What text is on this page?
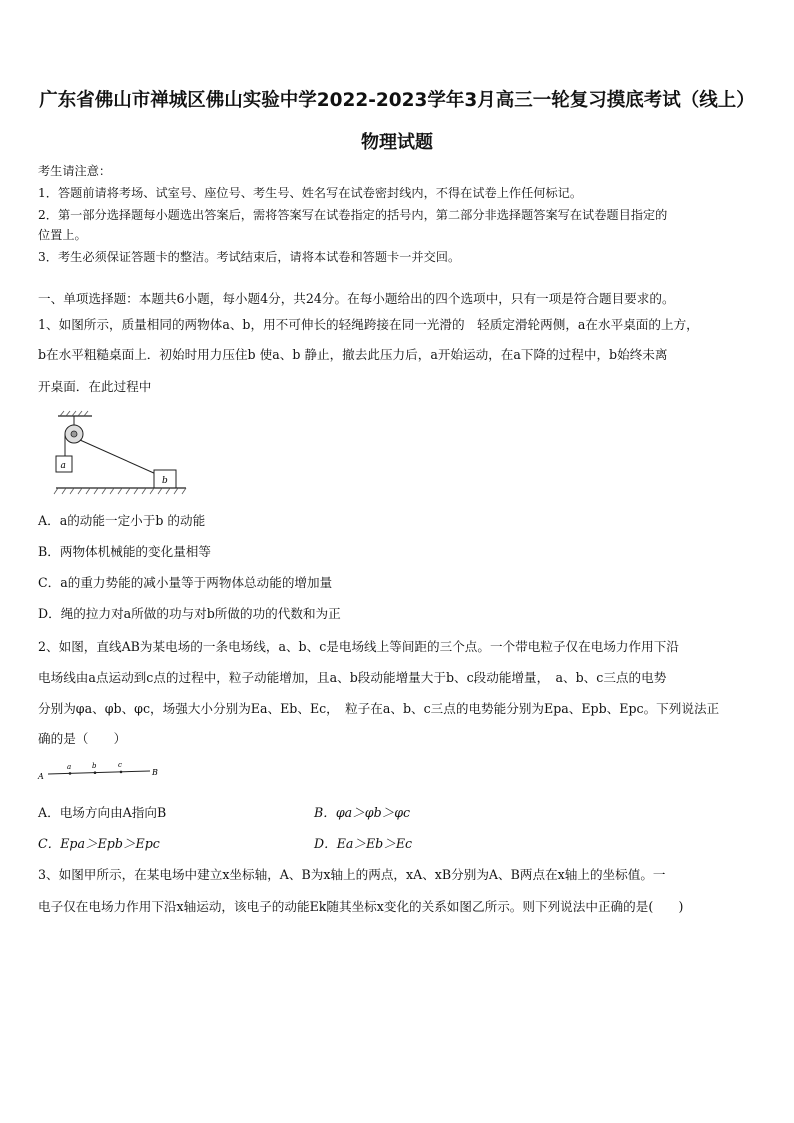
广东省佛山市禅城区佛山实验中学2022-2023学年3月高三一轮复习摸底考试（线上）
物理试题
考生请注意：
1．答题前请将考场、试室号、座位号、考生号、姓名写在试卷密封线内，不得在试卷上作任何标记。
2．第一部分选择题每小题选出答案后，需将答案写在试卷指定的括号内，第二部分非选择题答案写在试卷题目指定的
位置上。
3．考生必须保证答题卡的整洁。考试结束后，请将本试卷和答题卡一并交回。
一、单项选择题：本题共6小题，每小题4分，共24分。在每小题给出的四个选项中，只有一项是符合题目要求的。
1、如图所示，质量相同的两物体a、b，用不可伸长的轻绳跨接在同一光滑的　轻质定滑轮两侧，a在水平桌面的上方，
b在水平粗糙桌面上．初始时用力压住b 使a、b 静止，撤去此压力后，a开始运动，在a下降的过程中，b始终未离
开桌面．在此过程中
a
b
A．a的动能一定小于b 的动能
B．两物体机械能的变化量相等
C．a的重力势能的减小量等于两物体总动能的增加量
D．绳的拉力对a所做的功与对b所做的功的代数和为正
2、如图，直线AB为某电场的一条电场线，a、b、c是电场线上等间距的三个点。一个带电粒子仅在电场力作用下沿
电场线由a点运动到c点的过程中，粒子动能增加，且a、b段动能增量大于b、c段动能增量，　a、b、c三点的电势
分别为φa、φb、φc，场强大小分别为Ea、Eb、Ec，　粒子在a、b、c三点的电势能分别为Epa、Epb、Epc。下列说法正
确的是（　　）
A
a	b	c
B
A．电场方向由A指向B	B．φa＞φb＞φc
C．Epa＞Epb＞Epc	D．Ea＞Eb＞Ec
3、如图甲所示，在某电场中建立x坐标轴，A、B为x轴上的两点，xA、xB分别为A、B两点在x轴上的坐标值。一
电子仅在电场力作用下沿x轴运动，该电子的动能Ek随其坐标x变化的关系如图乙所示。则下列说法中正确的是(　　)
